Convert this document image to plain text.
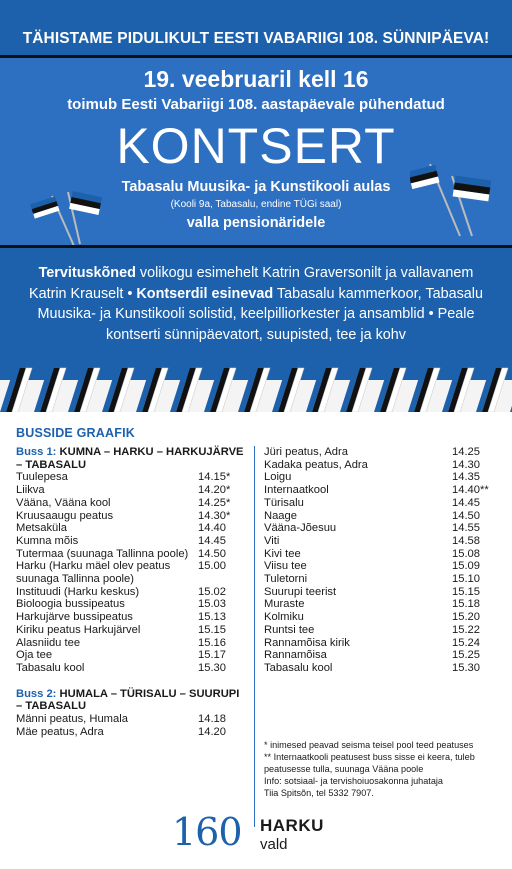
TÄHISTAME PIDULIKULT EESTI VABARIIGI 108. SÜNNIPÄEVA!
19. veebruaril kell 16
toimub Eesti Vabariigi 108. aastapäevale pühendatud
KONTSERT
Tabasalu Muusika- ja Kunstikooli aulas
(Kooli 9a, Tabasalu, endine TÜGi saal)
valla pensionäridele

Tervituskõned volikogu esimehelt Katrin Graversonilt ja vallavanem Katrin Krauselt • Kontserdil esinevad Tabasalu kammerkoor, Tabasalu Muusika- ja Kunstikooli solistid, keelpilliorkester ja ansamblid • Peale kontserti sünnipäevatort, suupisted, tee ja kohv

BUSSIDE GRAAFIK
Buss 1: KUMNA – HARKU – HARKUJÄRVE – TABASALU
Tuulepesa	14.15*
Liikva	14.20*
Vääna, Vääna kool	14.25*
Kruusaaugu peatus	14.30*
Metsaküla	14.40
Kumna mõis	14.45
Tutermaa (suunaga Tallinna poole) 14.50
Harku (Harku mäel olev peatus suunaga Tallinna poole)
15.00
Instituudi (Harku keskus)	15.02
Bioloogia bussipeatus	15.03
Harkujärve bussipeatus	15.13
Kiriku peatus Harkujärvel	15.15
Alasniidu tee	15.16
Oja tee	15.17
Tabasalu kool	15.30
Buss 2: HUMALA – TÜRISALU – SUURUPI – TABASALU
Männi peatus, Humala	14.18
Mäe peatus, Adra	14.20
Jüri peatus, Adra	14.25
Kadaka peatus, Adra	14.30
Loigu	14.35
Internaatkool	14.40**
Türisalu	14.45
Naage	14.50
Vääna-Jõesuu	14.55
Viti	14.58
Kivi tee	15.08
Viisu tee	15.09
Tuletorni	15.10
Suurupi teerist	15.15
Muraste	15.18
Kolmiku	15.20
Runtsi tee	15.22
Rannamõisa kirik	15.24
Rannamõisa	15.25
Tabasalu kool	15.30
* inimesed peavad seisma teisel pool teed peatuses
** Internaatkooli peatusest buss sisse ei keera, tuleb peatusesse tulla, suunaga Vääna poole
Info: sotsiaal- ja tervishoiuosakonna juhataja
Tiia Spitsõn, tel 5332 7907.
160 HARKU
vald
